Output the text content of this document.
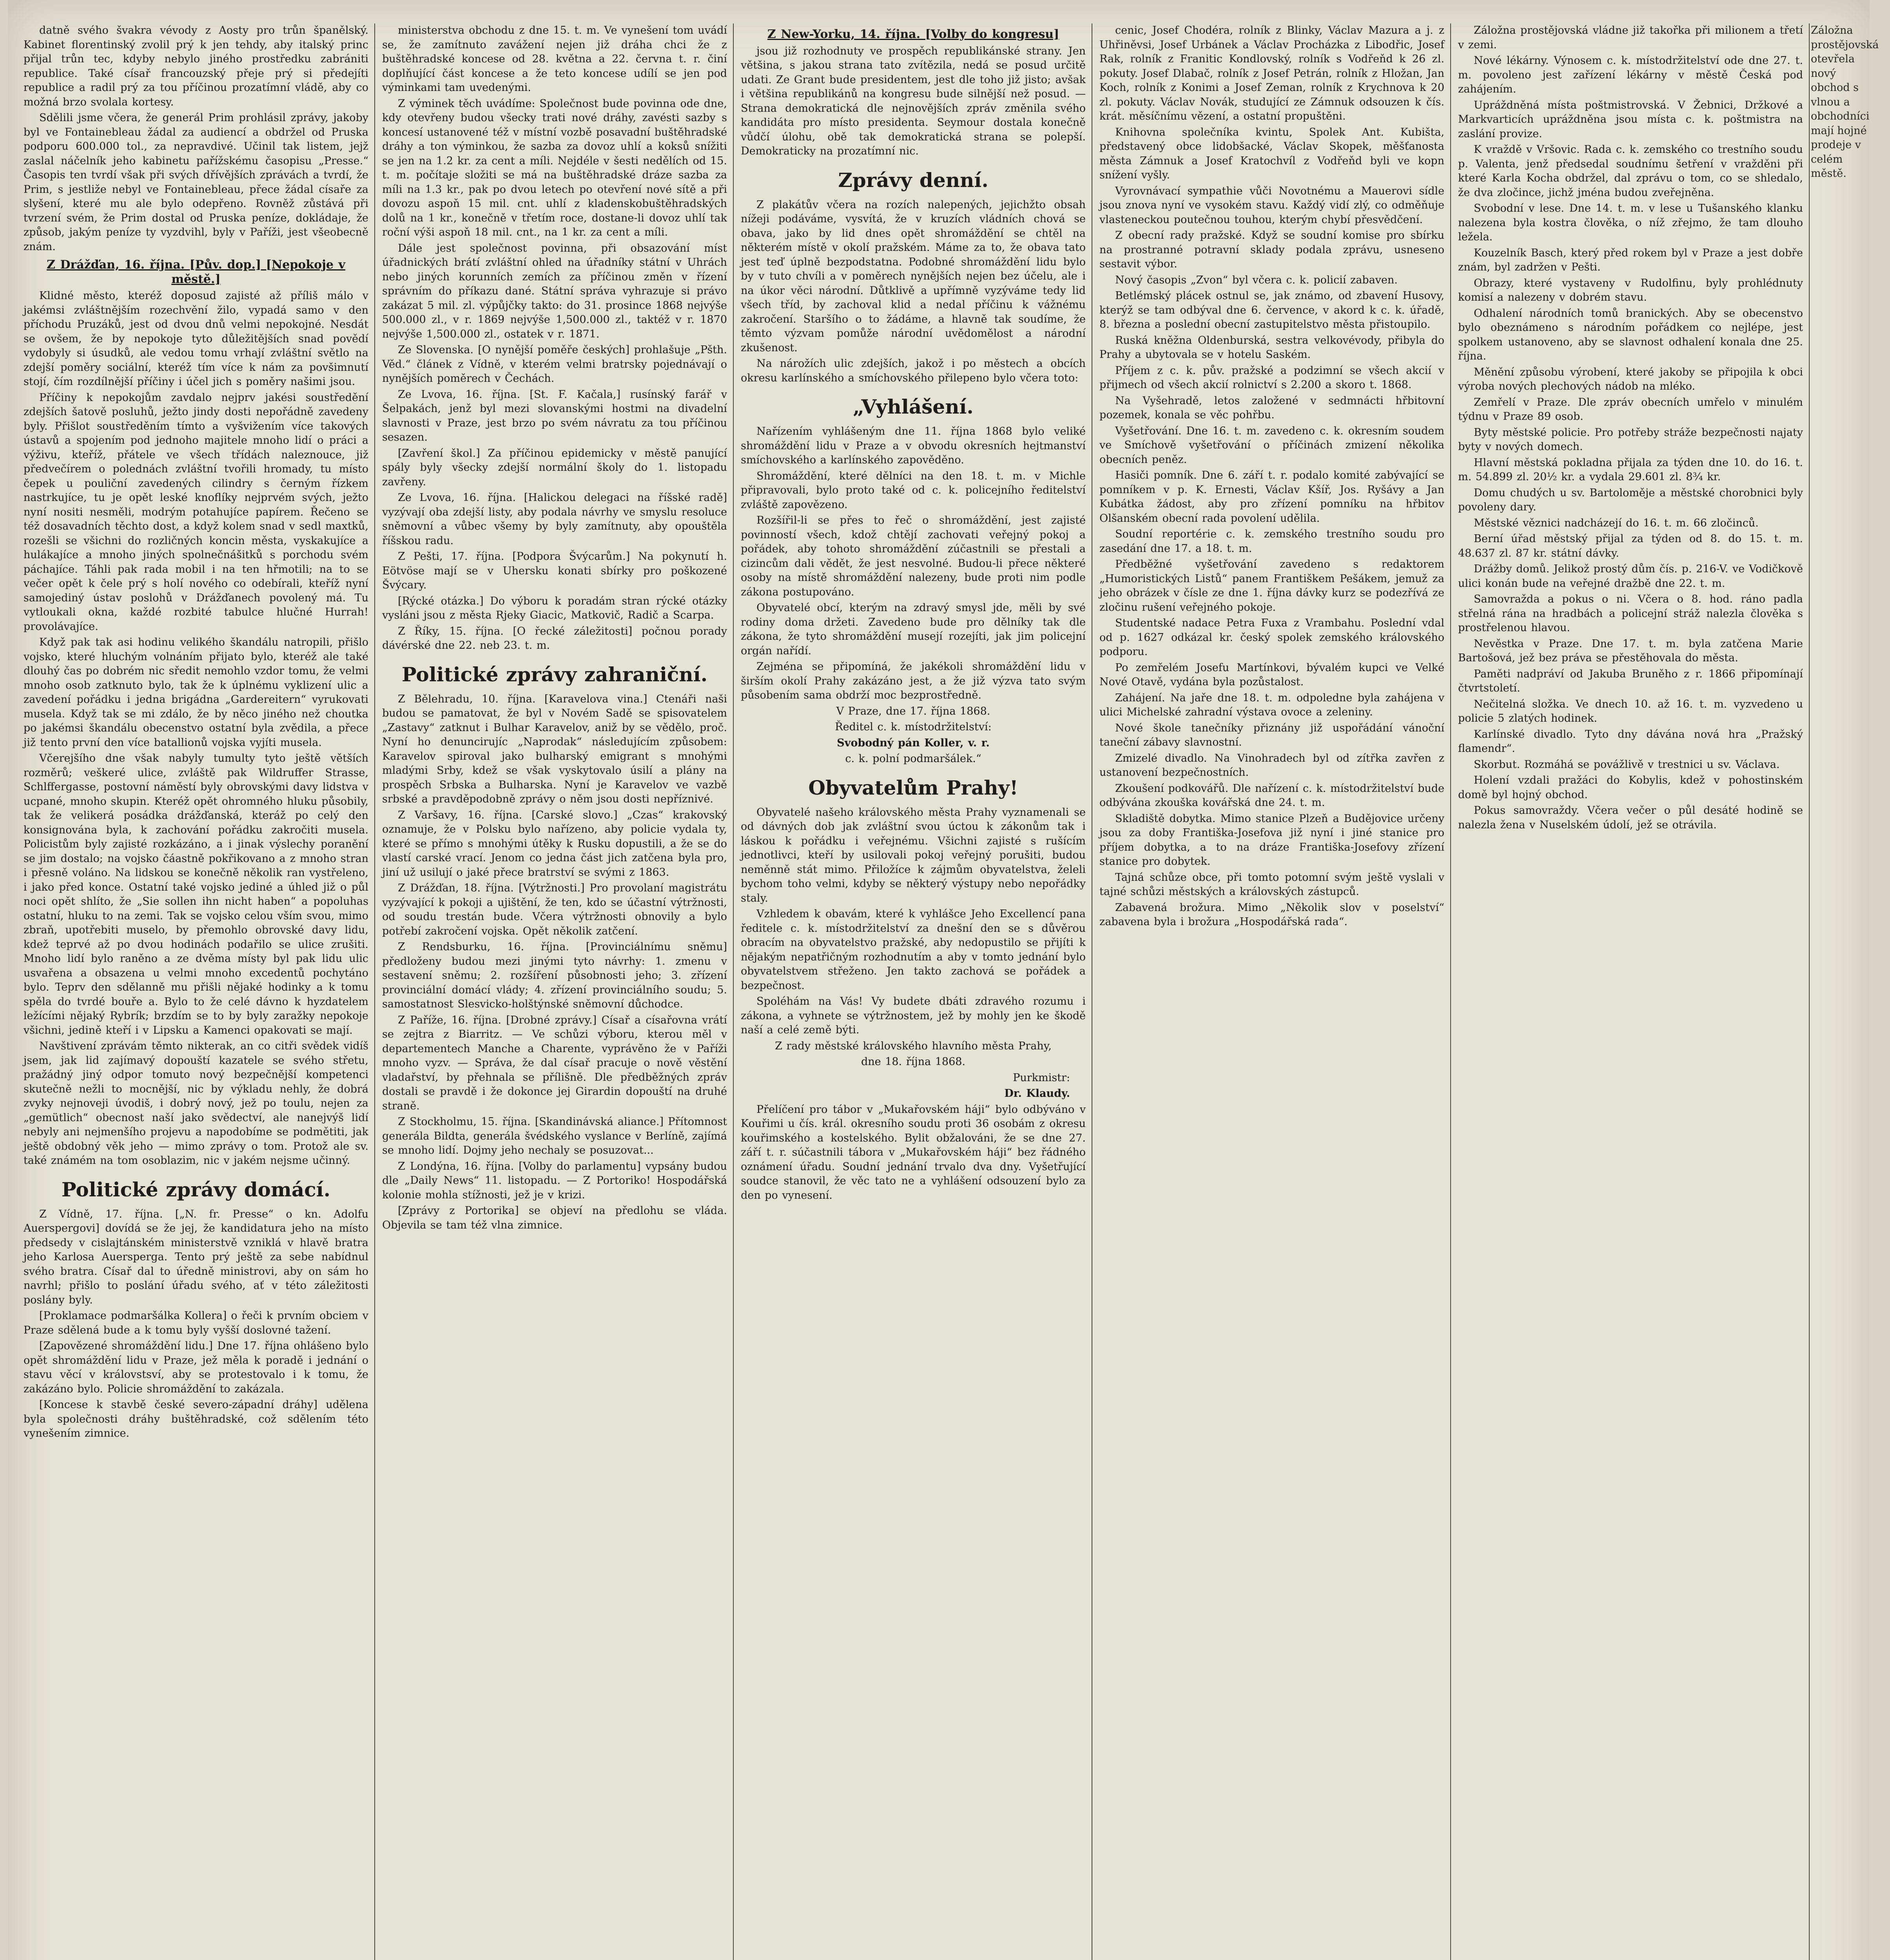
datně svého švakra vévody z Aosty pro trůn španělský. Kabinet florentinský zvolil prý k jen tehdy, aby italský princ přijal trůn tec, kdyby nebylo jiného prostředku zabrániti republice. Také císař francouzský přeje prý si předejíti republice a radil prý za tou příčinou prozatímní vládě, aby co možná brzo svolala kortesy.

Sdělili jsme včera, že generál Prim prohlásil zprávy, jakoby byl ve Fontainebleau žádal za audiencí a obdržel od Pruska podporu 600.000 tol., za nepravdivé. Učinil tak listem, jejž zaslal náčelník jeho kabinetu pařížskému časopisu „Presse.“ Časopis ten tvrdí však při svých dřívějších zprávách a tvrdí, že Prim, s jestliže nebyl ve Fontainebleau, přece žádal císaře za slyšení, které mu ale bylo odepřeno. Rovněž zůstává při tvrzení svém, že Prim dostal od Pruska peníze, dokládaje, že způsob, jakým peníze ty vyzdvihl, byly v Paříži, jest všeobecně znám.

Z Drážďan, 16. října. [Pův. dop.] [Nepokoje v městě.]

Klidné město, kteréž doposud zajisté až příliš málo v jakémsi zvláštnějším rozechvění žilo, vypadá samo v den příchodu Pruzáků, jest od dvou dnů velmi nepokojné. Nesdát se ovšem, že by nepokoje tyto důležitějších snad povědí vydobyly si úsudků, ale vedou tomu vrhají zvláštní světlo na zdejší poměry sociální, kteréž tím více k nám za povšimnutí stojí, čím rozdílnější příčiny i účel jich s poměry našimi jsou.

Příčiny k nepokojům zavdalo nejprv jakési soustředění zdejších šatově posluhů, ježto jindy dosti nepořádně zavedeny byly. Přišlot soustředěním tímto a vyšvižením více takových ústavů a spojením pod jednoho majitele mnoho lidí o práci a výživu, kteříž, přátele ve všech třídách naleznouce, již předvečírem o polednách zvláštní tvořili hromady, tu místo čepek u pouliční zavedených cilindry s černým řízkem nastrkujíce, tu je opět leské knoflíky nejprvém svých, ježto nyní nositi nesměli, modrým potahujíce papírem. Řečeno se též dosavadních těchto dost, a když kolem snad v sedl maxtků, rozešli se všichni do rozličných koncin města, vyskakujíce a hulákajíce a mnoho jiných spolnečnášitků s porchodu svém páchajíce. Táhli pak rada mobil i na ten hřmotili; na to se večer opět k čele prý s holí nového co odebírali, kteříž nyní samojediný ústav poslohů v Drážďanech povolený má. Tu vytloukali okna, každé rozbité tabulce hlučné Hurrah! provolávajíce.

Když pak tak asi hodinu velikého škandálu natropili, přišlo vojsko, které hluchým volnáním přijato bylo, kteréž ale také dlouhý čas po dobrém nic sředit nemohlo vzdor tomu, že velmi mnoho osob zatknuto bylo, tak že k úplnému vyklizení ulic a zavedení pořádku i jedna brigádna „Gardereitern“ vyrukovati musela. Když tak se mi zdálo, že by něco jiného než choutka po jakémsi škandálu obecenstvo ostatní byla zvědila, a přece již tento první den více batallionů vojska vyjíti musela.

Včerejšího dne však nabyly tumulty tyto ještě větších rozměrů; veškeré ulice, zvláště pak Wildruffer Strasse, Schlffergasse, postovní náměstí byly obrovskými davy lidstva v ucpané, mnoho skupin. Kteréž opět ohromného hluku působily, tak že velikerá posádka drážďanská, kteráž po celý den konsignována byla, k zachování pořádku zakročiti musela. Policistům byly zajisté rozkázáno, a i jinak výslechy poranění se jim dostalo; na vojsko čáastně pokřikovano a z mnoho stran i přesně voláno. Na lidskou se konečně několik ran vystřeleno, i jako před konce. Ostatní také vojsko jediné a úhled již o půl noci opět shlíto, že „Sie sollen ihn nicht haben“ a popoluhas ostatní, hluku to na zemi. Tak se vojsko celou vším svou, mimo zbraň, upotřebiti muselo, by přemohlo obrovské davy lidu, kdež teprvé až po dvou hodinách podařilo se ulice zrušiti. Mnoho lidí bylo raněno a ze dvěma místy byl pak lidu ulic usvařena a obsazena u velmi mnoho excedentů pochytáno bylo. Teprv den sdělanně mu přišli nějaké hodinky a k tomu spěla do tvrdé bouře a. Bylo to že celé dávno k hyzdatelem ležícími nějaký Rybrík; brzdím se to by byly zaražky nepokoje všichni, jedině kteří i v Lipsku a Kamenci opakovati se mají.

Navštivení zprávám těmto nikterak, an co citři svědek vidíš jsem, jak lid zajímavý dopouští kazatele se svého střetu, pražádný jiný odpor tomuto nový bezpečnější kompetenci skutečně nežli to mocnější, nic by výkladu nehly, že dobrá zvyky nejnoveji úvodiš, i dobrý nový, jež po toulu, nejen za „gemütlich“ obecnost naší jako svědectví, ale nanejvýš lidí nebyly ani nejmenšího projevu a napodobíme se podmětiti, jak ještě obdobný věk jeho — mimo zprávy o tom. Protož ale sv. také známém na tom osoblazim, nic v jakém nejsme učinný.

Politické zprávy domácí.

Z Vídně, 17. října. [„N. fr. Presse“ o kn. Adolfu Auerspergovi] dovídá se že jej, že kandidatura jeho na místo předsedy v cislajtánském ministerstvě vzniklá v hlavě bratra jeho Karlosa Auersperga. Tento prý ještě za sebe nabídnul svého bratra. Císař dal to úředně ministrovi, aby on sám ho navrhl; přišlo to poslání úřadu svého, ať v této záležitosti poslány byly.

[Proklamace podmaršálka Kollera] o řeči k prvním obciem v Praze sdělená bude a k tomu byly vyšší doslovné tažení.

[Zapovězené shromáždění lidu.] Dne 17. října ohlášeno bylo opět shromáždění lidu v Praze, jež měla k poradě i jednání o stavu věcí v královstsví, aby se protestovalo i k tomu, že zakázáno bylo. Policie shromáždění to zakázala.

[Koncese k stavbě české severo-západní dráhy] udělena byla společnosti dráhy buštěhradské, což sdělením této vynešením zimnice.

ministerstva obchodu z dne 15. t. m. Ve vynešení tom uvádí se, že zamítnuto zavážení nejen již dráha chci že z buštěhradské koncese od 28. května a 22. června t. r. činí doplňující část koncese a že teto koncese udílí se jen pod výminkami tam uvedenými.

Z výminek těch uvádíme: Společnost bude povinna ode dne, kdy otevřeny budou všecky trati nové dráhy, zavésti sazby s koncesí ustanovené též v místní vozbě posavadní buštěhradské dráhy a ton výminkou, že sazba za dovoz uhlí a koksů snížiti se jen na 1.2 kr. za cent a míli. Nejdéle v šesti nedělích od 15. t. m. počítaje složiti se má na buštěhradské dráze sazba za míli na 1.3 kr., pak po dvou letech po otevření nové sítě a při dovozu aspoň 15 mil. cnt. uhlí z kladenskobuštěhradských dolů na 1 kr., konečně v třetím roce, dostane-li dovoz uhlí tak roční výši aspoň 18 mil. cnt., na 1 kr. za cent a míli.

Dále jest společnost povinna, při obsazování míst úřadnických brátí zvláštní ohled na úřadníky státní v Uhrách nebo jiných korunních zemích za příčinou změn v řízení správním do příkazu dané. Státní správa vyhrazuje si právo zakázat 5 mil. zl. výpůjčky takto: do 31. prosince 1868 nejvýše 500.000 zl., v r. 1869 nejvýše 1,500.000 zl., taktéž v r. 1870 nejvýše 1,500.000 zl., ostatek v r. 1871.

Ze Slovenska. [O nynější poměře českých] prohlašuje „Pšth. Věd.“ článek z Vídně, v kterém velmi bratrsky pojednávají o nynějších poměrech v Čechách.

Ze Lvova, 16. října. [St. F. Kačala,] rusínský farář v Šelpakách, jenž byl mezi slovanskými hostmi na divadelní slavnosti v Praze, jest brzo po svém návratu za tou příčinou sesazen.

[Zavření škol.] Za příčinou epidemicky v městě panující spály byly všecky zdejší normální školy do 1. listopadu zavřeny.

Ze Lvova, 16. října. [Halickou delegaci na říšské radě] vyzývají oba zdejší listy, aby podala návrhy ve smyslu resoluce sněmovní a vůbec všemy by byly zamítnuty, aby opouštěla říšskou radu.

Z Pešti, 17. října. [Podpora Švýcarům.] Na pokynutí h. Eötvöse mají se v Uhersku konati sbírky pro poškozené Švýcary.

[Rýcké otázka.] Do výboru k poradám stran rýcké otázky vysláni jsou z města Rjeky Giacic, Matkovič, Radič a Scarpa.

Z Říky, 15. října. [O řecké záležitosti] počnou porady dávérské dne 22. neb 23. t. m.

Politické zprávy zahraniční.

Z Bělehradu, 10. října. [Karavelova vina.] Ctenáři naši budou se pamatovat, že byl v Novém Sadě se spisovatelem „Zastavy“ zatknut i Bulhar Karavelov, aniž by se vědělo, proč. Nyní ho denuncirujíc „Naprodak“ následujícím způsobem: Karavelov spiroval jako bulharský emigrant s mnohými mladými Srby, kdež se však vyskytovalo úsilí a plány na prospěch Srbska a Bulharska. Nyní je Karavelov ve vazbě srbské a pravděpodobně zprávy o něm jsou dosti nepříznivé.

Z Varšavy, 16. října. [Carské slovo.] „Czas“ krakovský oznamuje, že v Polsku bylo nařízeno, aby policie vydala ty, které se přímo s mnohými útěky k Rusku dopustili, a že se do vlastí carské vrací. Jenom co jedna část jich zatčena byla pro, jiní už usilují o jaké přece bratrství se svými z 1863.

Z Drážďan, 18. října. [Výtržnosti.] Pro provolaní magistrátu vyzývající k pokoji a ujištění, že ten, kdo se účastní výtržnosti, od soudu trestán bude. Včera výtržnosti obnovily a bylo potřebí zakročení vojska. Opět několik zatčení.

Z Rendsburku, 16. října. [Provinciálnímu sněmu] předloženy budou mezi jinými tyto návrhy: 1. zmenu v sestavení sněmu; 2. rozšíření působnosti jeho; 3. zřízení provinciální domácí vlády; 4. zřízení provinciálního soudu; 5. samostatnost Slesvicko-holštýnské sněmovní důchodce.

Z Paříže, 16. října. [Drobné zprávy.] Císař a císařovna vrátí se zejtra z Biarritz. — Ve schůzi výboru, kterou měl v departementech Manche a Charente, vyprávěno že v Paříži mnoho vyzv. — Správa, že dal císař pracuje o nově věstění vladařství, by přehnala se přílišně. Dle předběžných zpráv dostali se pravdě i že dokonce jej Girardin dopouští na druhé straně.

Z Stockholmu, 15. října. [Skandinávská aliance.] Přítomnost generála Bildta, generála švédského vyslance v Berlíně, zajímá se mnoho lidí. Dojmy jeho nechaly se posuzovat...

Z Londýna, 16. října. [Volby do parlamentu] vypsány budou dle „Daily News“ 11. listopadu. — Z Portoriko! Hospodářská kolonie mohla stížnosti, jež je v krizi.

[Zprávy z Portorika] se objeví na předlohu se vláda. Objevila se tam též vlna zimnice.

Z New-Yorku, 14. října. [Volby do kongresu]

jsou již rozhodnuty ve prospěch republikánské strany. Jen většina, s jakou strana tato zvítězila, nedá se posud určitě udati. Ze Grant bude presidentem, jest dle toho již jisto; avšak i většina republikánů na kongresu bude silnější než posud. — Strana demokratická dle nejnovějších zpráv změnila svého kandidáta pro místo presidenta. Seymour dostala konečně vůdčí úlohu, obě tak demokratická strana se polepší. Demokraticky na prozatímní nic.

Zprávy denní.

Z plakátův včera na rozích nalepených, jejichžto obsah nížeji podáváme, vysvítá, že v kruzích vládních chová se obava, jako by lid dnes opět shromáždění se chtěl na některém místě v okolí pražském. Máme za to, že obava tato jest teď úplně bezpodstatna. Podobné shromáždění lidu bylo by v tuto chvíli a v poměrech nynějších nejen bez účelu, ale i na úkor věci národní. Důtklivě a upřímně vyzýváme tedy lid všech tříd, by zachoval klid a nedal příčinu k vážnému zakročení. Staršího o to žádáme, a hlavně tak soudíme, že těmto výzvam pomůže národní uvědomělost a národní zkušenost.

Na nárožích ulic zdejších, jakož i po městech a obcích okresu karlínského a smíchovského přilepeno bylo včera toto:

„Vyhlášení.

Nařízením vyhlášeným dne 11. října 1868 bylo veliké shromáždění lidu v Praze a v obvodu okresních hejtmanství smíchovského a karlínského zapověděno.

Shromáždění, které dělníci na den 18. t. m. v Michle připravovali, bylo proto také od c. k. policejního ředitelství zvláště zapovězeno.

Rozšířil-li se přes to řeč o shromáždění, jest zajisté povinností všech, kdož chtějí zachovati veřejný pokoj a pořádek, aby tohoto shromáždění zúčastnili se přestali a cizincům dali vědět, že jest nesvolné. Budou-li přece některé osoby na místě shromáždění nalezeny, bude proti nim podle zákona postupováno.

Obyvatelé obcí, kterým na zdravý smysl jde, měli by své rodiny doma držeti. Zavedeno bude pro dělníky tak dle zákona, že tyto shromáždění musejí rozejíti, jak jim policejní orgán nařídí.

Zejména se připomíná, že jakékoli shromáždění lidu v širším okolí Prahy zakázáno jest, a že již výzva tato svým působením sama obdrží moc bezprostředně.

V Praze, dne 17. října 1868.

Ředitel c. k. místodržitelství:

Svobodný pán Koller, v. r.

c. k. polní podmaršálek.“

Obyvatelům Prahy!

Obyvatelé našeho královského města Prahy vyznamenali se od dávných dob jak zvláštní svou úctou k zákonům tak i láskou k pořádku i veřejnému. Všichni zajisté s rušícím jednotlivci, kteří by usilovali pokoj veřejný porušiti, budou neměnně stát mimo. Přiložíce k zájmům obyvatelstva, želeli bychom toho velmi, kdyby se některý výstupy nebo nepořádky staly.

Vzhledem k obavám, které k vyhlášce Jeho Excellencí pana ředitele c. k. místodržitelství za dnešní den se s důvěrou obracím na obyvatelstvo pražské, aby nedopustilo se přijíti k nějakým nepatřičným rozhodnutím a aby v tomto jednání bylo obyvatelstvem střeženo. Jen takto zachová se pořádek a bezpečnost.

Spoléhám na Vás! Vy budete dbáti zdravého rozumu i zákona, a vyhnete se výtržnostem, jež by mohly jen ke škodě naší a celé země býti.

Z rady městské královského hlavního města Prahy,

dne 18. října 1868.

Purkmistr:

Dr. Klaudy.

Přelíčení pro tábor v „Mukařovském háji“ bylo odbýváno v Kouřimi u čís. král. okresního soudu proti 36 osobám z okresu kouřimského a kostelského. Bylit obžalováni, že se dne 27. září t. r. súčastnili tábora v „Mukařovském háji“ bez řádného oznámení úřadu. Soudní jednání trvalo dva dny. Vyšetřující soudce stanovil, že věc tato ne a vyhlášení odsouzení bylo za den po vynesení.

cenic, Josef Chodéra, rolník z Blinky, Václav Mazura a j. z Uhřiněvsi, Josef Urbánek a Václav Procházka z Libodřic, Josef Rak, rolník z Franitic Kondlovský, rolník s Vodřeňd k 26 zl. pokuty. Josef Dlabač, rolník z Josef Petrán, rolník z Hložan, Jan Koch, rolník z Konimi a Josef Zeman, rolník z Krychnova k 20 zl. pokuty. Václav Novák, studující ze Zámnuk odsouzen k čís. krát. měsíčnímu vězení, a ostatní propuštěni.

Knihovna společníka kvintu, Spolek Ant. Kubišta, představený obce lidobšacké, Václav Skopek, měšťanosta města Zámnuk a Josef Kratochvíl z Vodřeňd byli ve kopn snížení vyšly.

Vyrovnávací sympathie vůči Novotnému a Mauerovi sídle jsou znova nyní ve vysokém stavu. Každý vidí zlý, co odměňuje vlasteneckou poutečnou touhou, kterým chybí přesvědčení.

Z obecní rady pražské. Když se soudní komise pro sbírku na prostranné potravní sklady podala zprávu, usneseno sestavit výbor.

Nový časopis „Zvon“ byl včera c. k. policií zabaven.

Betlémský plácek ostnul se, jak známo, od zbavení Husovy, kterýž se tam odbýval dne 6. července, v akord k c. k. úřadě, 8. března a poslední obecní zastupitelstvo města přistoupilo.

Ruská kněžna Oldenburská, sestra velkovévody, přibyla do Prahy a ubytovala se v hotelu Saském.

Příjem z c. k. pův. pražské a podzimní se všech akcií v přijmech od všech akcií rolnictví s 2.200 a skoro t. 1868.

Na Vyšehradě, letos založené v sedmnácti hřbitovní pozemek, konala se věc pohřbu.

Vyšetřování. Dne 16. t. m. zavedeno c. k. okresním soudem ve Smíchově vyšetřování o příčinách zmizení několika obecních peněz.

Hasiči pomník. Dne 6. září t. r. podalo komité zabývající se pomníkem v p. K. Ernesti, Václav Kšíř, Jos. Ryšávy a Jan Kubátka žádost, aby pro zřízení pomníku na hřbitov Olšanském obecní rada povolení udělila.

Soudní reportérie c. k. zemského trestního soudu pro zasedání dne 17. a 18. t. m.

Předběžné vyšetřování zavedeno s redaktorem „Humoristických Listů“ panem Františkem Pešákem, jemuž za jeho obrázek v čísle ze dne 1. října dávky kurz se podezřívá ze zločinu rušení veřejného pokoje.

Studentské nadace Petra Fuxa z Vrambahu. Poslední vdal od p. 1627 odkázal kr. český spolek zemského královského podporu.

Po zemřelém Josefu Martínkovi, bývalém kupci ve Velké Nové Otavě, vydána byla pozůstalost.

Zahájení. Na jaře dne 18. t. m. odpoledne byla zahájena v ulici Michelské zahradní výstava ovoce a zeleniny.

Nové škole tanečníky přiznány již uspořádání vánoční taneční zábavy slavnostní.

Zmizelé divadlo. Na Vinohradech byl od zítřka zavřen z ustanovení bezpečnostních.

Zkoušení podkovářů. Dle nařízení c. k. místodržitelství bude odbývána zkouška kovářská dne 24. t. m.

Skladiště dobytka. Mimo stanice Plzeň a Budějovice určeny jsou za doby Františka-Josefova již nyní i jiné stanice pro příjem dobytka, a to na dráze Františka-Josefovy zřízení stanice pro dobytek.

Tajná schůze obce, při tomto potomní svým ještě vyslali v tajné schůzi městských a královských zástupců.

Zabavená brožura. Mimo „Několik slov v poselství“ zabavena byla i brožura „Hospodářská rada“.

Záložna prostějovská vládne již takořka při milionem a třetí v zemi.

Nové lékárny. Výnosem c. k. místodržitelství ode dne 27. t. m. povoleno jest zařízení lékárny v městě Česká pod zahájením.

Upráždněná místa poštmistrovská. V Žebnici, Držkové a Markvarticích upráždněna jsou místa c. k. poštmistra na zaslání provize.

K vraždě v Vršovic. Rada c. k. zemského co trestního soudu p. Valenta, jenž předsedal soudnímu šetření v vražděni při které Karla Kocha obdržel, dal zprávu o tom, co se shledalo, že dva zločince, jichž jména budou zveřejněna.

Svobodní v lese. Dne 14. t. m. v lese u Tušanského klanku nalezena byla kostra člověka, o níž zřejmo, že tam dlouho ležela.

Kouzelník Basch, který před rokem byl v Praze a jest dobře znám, byl zadržen v Pešti.

Obrazy, které vystaveny v Rudolfinu, byly prohlédnuty komisí a nalezeny v dobrém stavu.

Odhalení národních tomů branických. Aby se obecenstvo bylo obeznámeno s národním pořádkem co nejlépe, jest spolkem ustanoveno, aby se slavnost odhalení konala dne 25. října.

Měnění způsobu výrobení, které jakoby se připojila k obci výroba nových plechových nádob na mléko.

Zemřelí v Praze. Dle zpráv obecních umřelo v minulém týdnu v Praze 89 osob.

Byty městské policie. Pro potřeby stráže bezpečnosti najaty byty v nových domech.

Hlavní městská pokladna přijala za týden dne 10. do 16. t. m. 54.899 zl. 20½ kr. a vydala 29.601 zl. 8¾ kr.

Domu chudých u sv. Bartoloměje a městské chorobnici byly povoleny dary.

Městské věznici nadcházejí do 16. t. m. 66 zločinců.

Berní úřad městský přijal za týden od 8. do 15. t. m. 48.637 zl. 87 kr. státní dávky.

Drážby domů. Jelikož prostý dům čís. p. 216-V. ve Vodičkově ulici konán bude na veřejné dražbě dne 22. t. m.

Samovražda a pokus o ni. Včera o 8. hod. ráno padla střelná rána na hradbách a policejní stráž nalezla člověka s prostřelenou hlavou.

Nevěstka v Praze. Dne 17. t. m. byla zatčena Marie Bartošová, jež bez práva se přestěhovala do města.

Paměti nadpráví od Jakuba Bruněho z r. 1866 připomínají čtvrtstoletí.

Nečitelná složka. Ve dnech 10. až 16. t. m. vyzvedeno u policie 5 zlatých hodinek.

Karlínské divadlo. Tyto dny dávána nová hra „Pražský flamendr“.

Skorbut. Rozmáhá se povážlivě v trestnici u sv. Václava.

Holení vzdali pražáci do Kobylis, kdež v pohostinském domě byl hojný obchod.

Pokus samovraždy. Včera večer o půl desáté hodině se nalezla žena v Nuselském údolí, jež se otrávila.

Záložna prostějovská otevřela nový obchod s vlnou a obchodníci mají hojné prodeje v celém městě.
